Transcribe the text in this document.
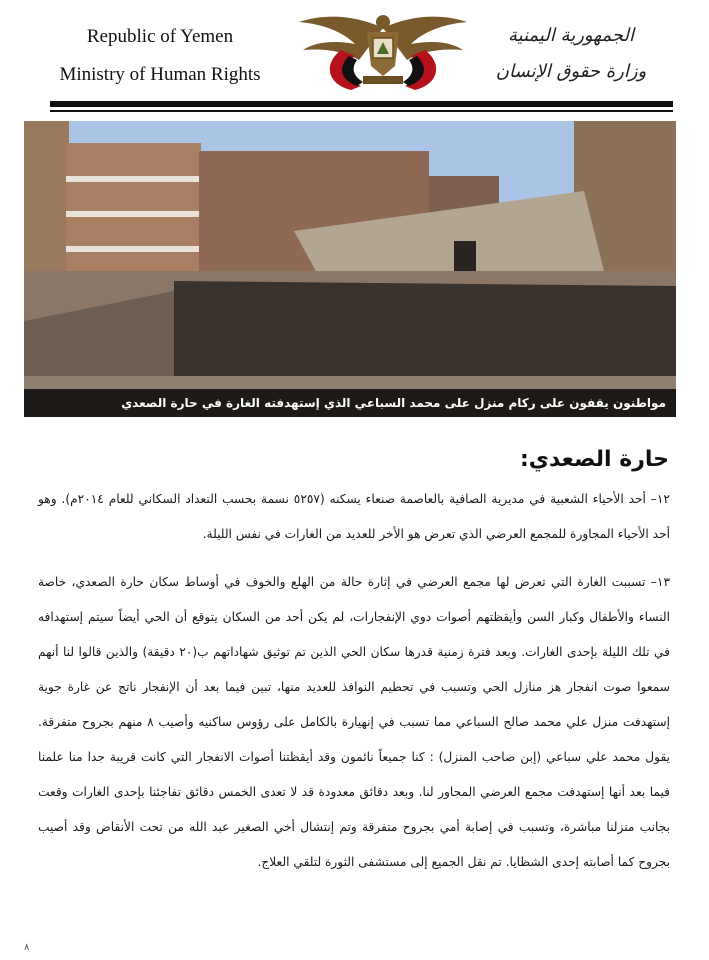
Republic of Yemen
Ministry of Human Rights
الجمهورية اليمنية
وزارة حقوق الإنسان
مواطنون يقفون على ركام منزل على محمد السباعي الذي إستهدفته الغارة في حارة الصعدي
حارة الصعدي:
١٢– أحد الأحياء الشعبية في مديرية الصافية بالعاصمة صنعاء يسكنه (٥٢٥٧ نسمة بحسب التعداد السكاني للعام ٢٠١٤م). وهو أحد الأحياء المجاورة للمجمع العرضي الذي تعرض هو الأخر للعديد من الغارات في نفس الليلة.
١٣– تسببت الغارة التي تعرض لها مجمع العرضي في إثارة حالة من الهلع والخوف في أوساط سكان حارة الصعدي، خاصة النساء والأطفال وكبار السن وأيقظتهم أصوات دوي الإنفجارات، لم يكن أحد من السكان يتوقع أن الحي أيضاً سيتم إستهدافه في تلك الليلة بإحدى الغارات. وبعد فترة زمنية قدرها سكان الحي الذين تم توثيق شهاداتهم ب(٢٠ دقيقة) والذين قالوا لنا أنهم سمعوا صوت انفجار هز منازل الحي وتسبب في تحطيم النوافذ للعديد منها، تبين فيما بعد أن الإنفجار ناتج عن غارة جوية إستهدفت منزل علي محمد صالح السباعي مما تسبب في إنهيارة بالكامل على رؤوس ساكنيه وأصيب ٨ منهم بجروح متفرقة. يقول محمد علي سباعي (إبن صاحب المنزل) : كنا جميعاً نائمون وقد أيقظتنا أصوات الانفجار التي كانت قريبة جدا منا علمنا فيما بعد أنها إستهدفت مجمع العرضي المجاور لنا. وبعد دقائق معدودة قد لا تعدى الخمس دقائق تفاجئنا بإحدى الغارات وقعت بجانب منزلنا مباشرة، وتسبب في إصابة أمي بجروح متفرقة وتم إنتشال أخي الصغير عبد الله من تحت الأنقاض وقد أصيب بجروح كما أصابته إحدى الشظايا. تم نقل الجميع إلى مستشفى الثورة لتلقي العلاج.
٨
